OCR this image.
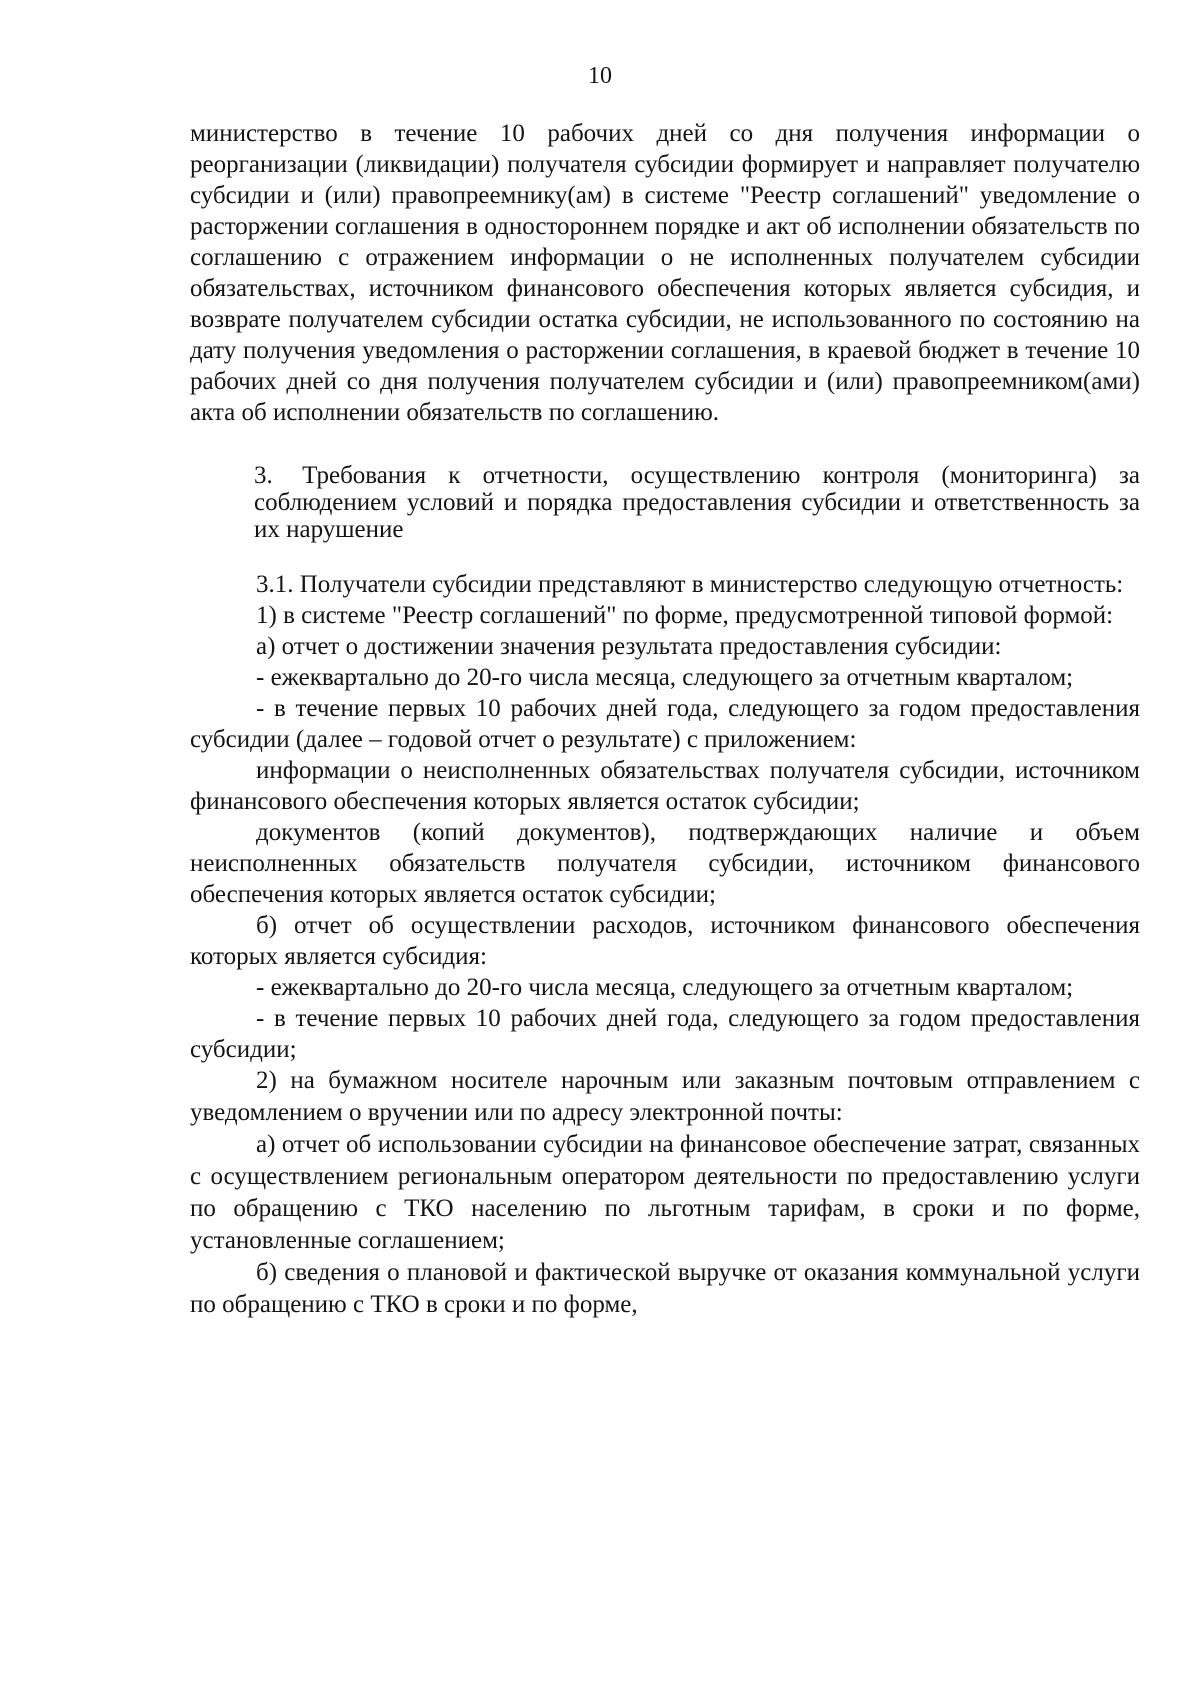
10

министерство в течение 10 рабочих дней со дня получения информации о реорганизации (ликвидации) получателя субсидии формирует и направляет получателю субсидии и (или) правопреемнику(ам) в системе "Реестр соглашений" уведомление о расторжении соглашения в одностороннем порядке и акт об исполнении обязательств по соглашению с отражением информации о не исполненных получателем субсидии обязательствах, источником финансового обеспечения которых является субсидия, и возврате получателем субсидии остатка субсидии, не использованного по состоянию на дату получения уведомления о расторжении соглашения, в краевой бюджет в течение 10 рабочих дней со дня получения получателем субсидии и (или) правопреемником(ами) акта об исполнении обязательств по соглашению.

3. Требования к отчетности, осуществлению контроля (мониторинга) за соблюдением условий и порядка предоставления субсидии и ответственность за их нарушение

3.1. Получатели субсидии представляют в министерство следующую отчетность:

1) в системе "Реестр соглашений" по форме, предусмотренной типовой формой:

а) отчет о достижении значения результата предоставления субсидии:

- ежеквартально до 20-го числа месяца, следующего за отчетным кварталом;

- в течение первых 10 рабочих дней года, следующего за годом предоставления субсидии (далее – годовой отчет о результате) с приложением:

информации о неисполненных обязательствах получателя субсидии, источником финансового обеспечения которых является остаток субсидии;

документов (копий документов), подтверждающих наличие и объем неисполненных обязательств получателя субсидии, источником финансового обеспечения которых является остаток субсидии;

б) отчет об осуществлении расходов, источником финансового обеспечения которых является субсидия:

- ежеквартально до 20-го числа месяца, следующего за отчетным кварталом;

- в течение первых 10 рабочих дней года, следующего за годом предоставления субсидии;

2) на бумажном носителе нарочным или заказным почтовым отправлением с уведомлением о вручении или по адресу электронной почты:

а) отчет об использовании субсидии на финансовое обеспечение затрат, связанных с осуществлением региональным оператором деятельности по предоставлению услуги по обращению с ТКО населению по льготным тарифам, в сроки и по форме, установленные соглашением;

б) сведения о плановой и фактической выручке от оказания коммунальной услуги по обращению с ТКО в сроки и по форме,
